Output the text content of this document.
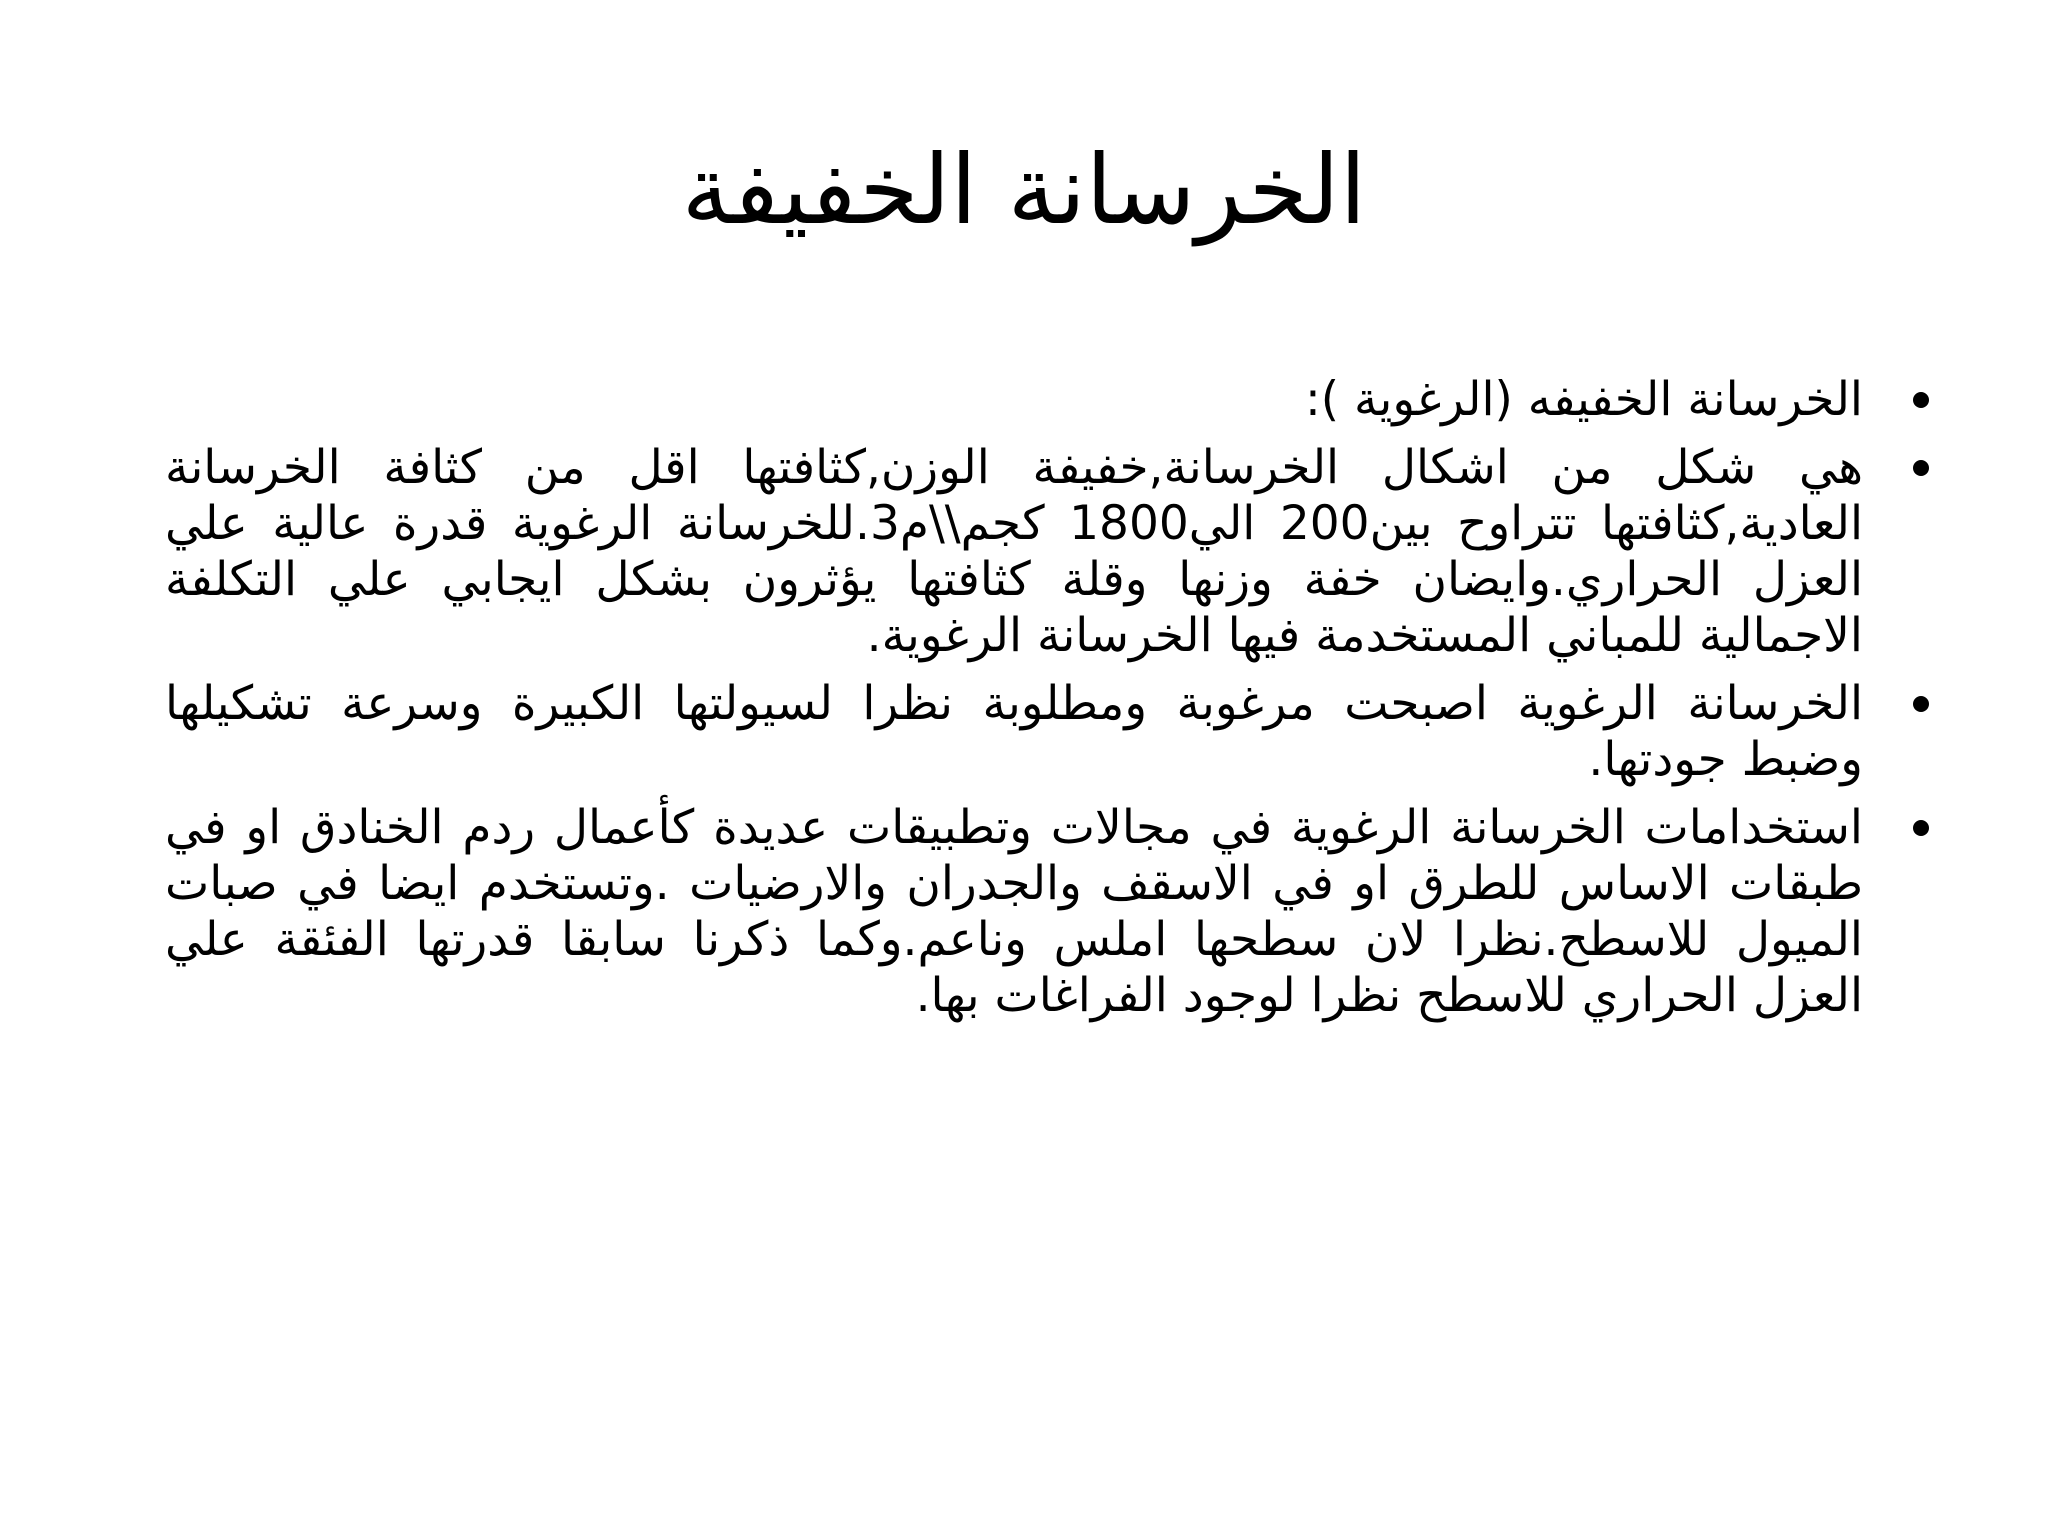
الخرسانة الخفيفة
الخرسانة الخفيفه (الرغوية ):
هي شكل من اشكال الخرسانة,خفيفة الوزن,كثافتها اقل من كثافة الخرسانة العادية,كثافتها تتراوح بين200 الي1800 كجم\\م3.للخرسانة الرغوية قدرة عالية علي العزل الحراري.وايضان خفة وزنها وقلة كثافتها يؤثرون بشكل ايجابي علي التكلفة الاجمالية للمباني المستخدمة فيها الخرسانة الرغوية.
الخرسانة الرغوية اصبحت مرغوبة ومطلوبة نظرا لسيولتها الكبيرة وسرعة تشكيلها وضبط جودتها.
استخدامات الخرسانة الرغوية في مجالات وتطبيقات عديدة كأعمال ردم الخنادق او في طبقات الاساس للطرق او في الاسقف والجدران والارضيات .وتستخدم ايضا في صبات الميول للاسطح.نظرا لان سطحها املس وناعم.وكما ذكرنا سابقا قدرتها الفئقة علي العزل الحراري للاسطح نظرا لوجود الفراغات بها.
